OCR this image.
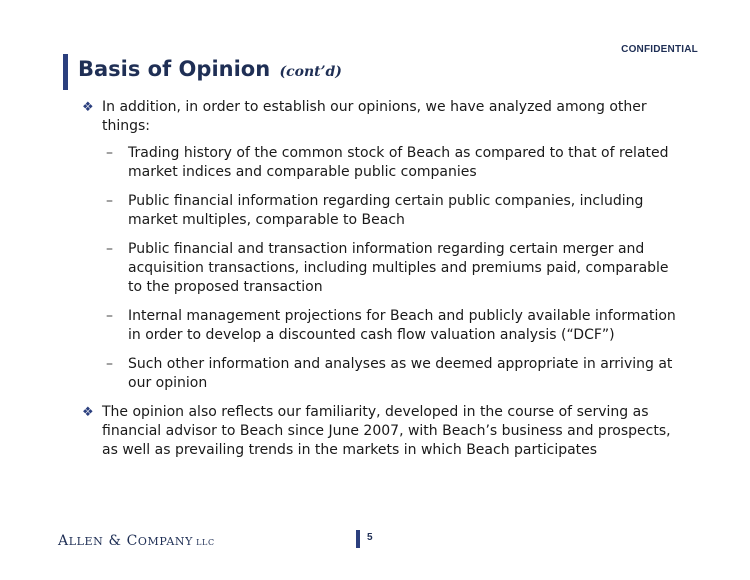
CONFIDENTIAL
Basis of Opinion (cont’d)
❖ In addition, in order to establish our opinions, we have analyzed among other things:
– Trading history of the common stock of Beach as compared to that of related market indices and comparable public companies
– Public financial information regarding certain public companies, including market multiples, comparable to Beach
– Public financial and transaction information regarding certain merger and acquisition transactions, including multiples and premiums paid, comparable to the proposed transaction
– Internal management projections for Beach and publicly available information in order to develop a discounted cash flow valuation analysis (“DCF”)
– Such other information and analyses as we deemed appropriate in arriving at our opinion
❖ The opinion also reflects our familiarity, developed in the course of serving as financial advisor to Beach since June 2007, with Beach’s business and prospects, as well as prevailing trends in the markets in which Beach participates
ALLEN & COMPANY LLC	5
